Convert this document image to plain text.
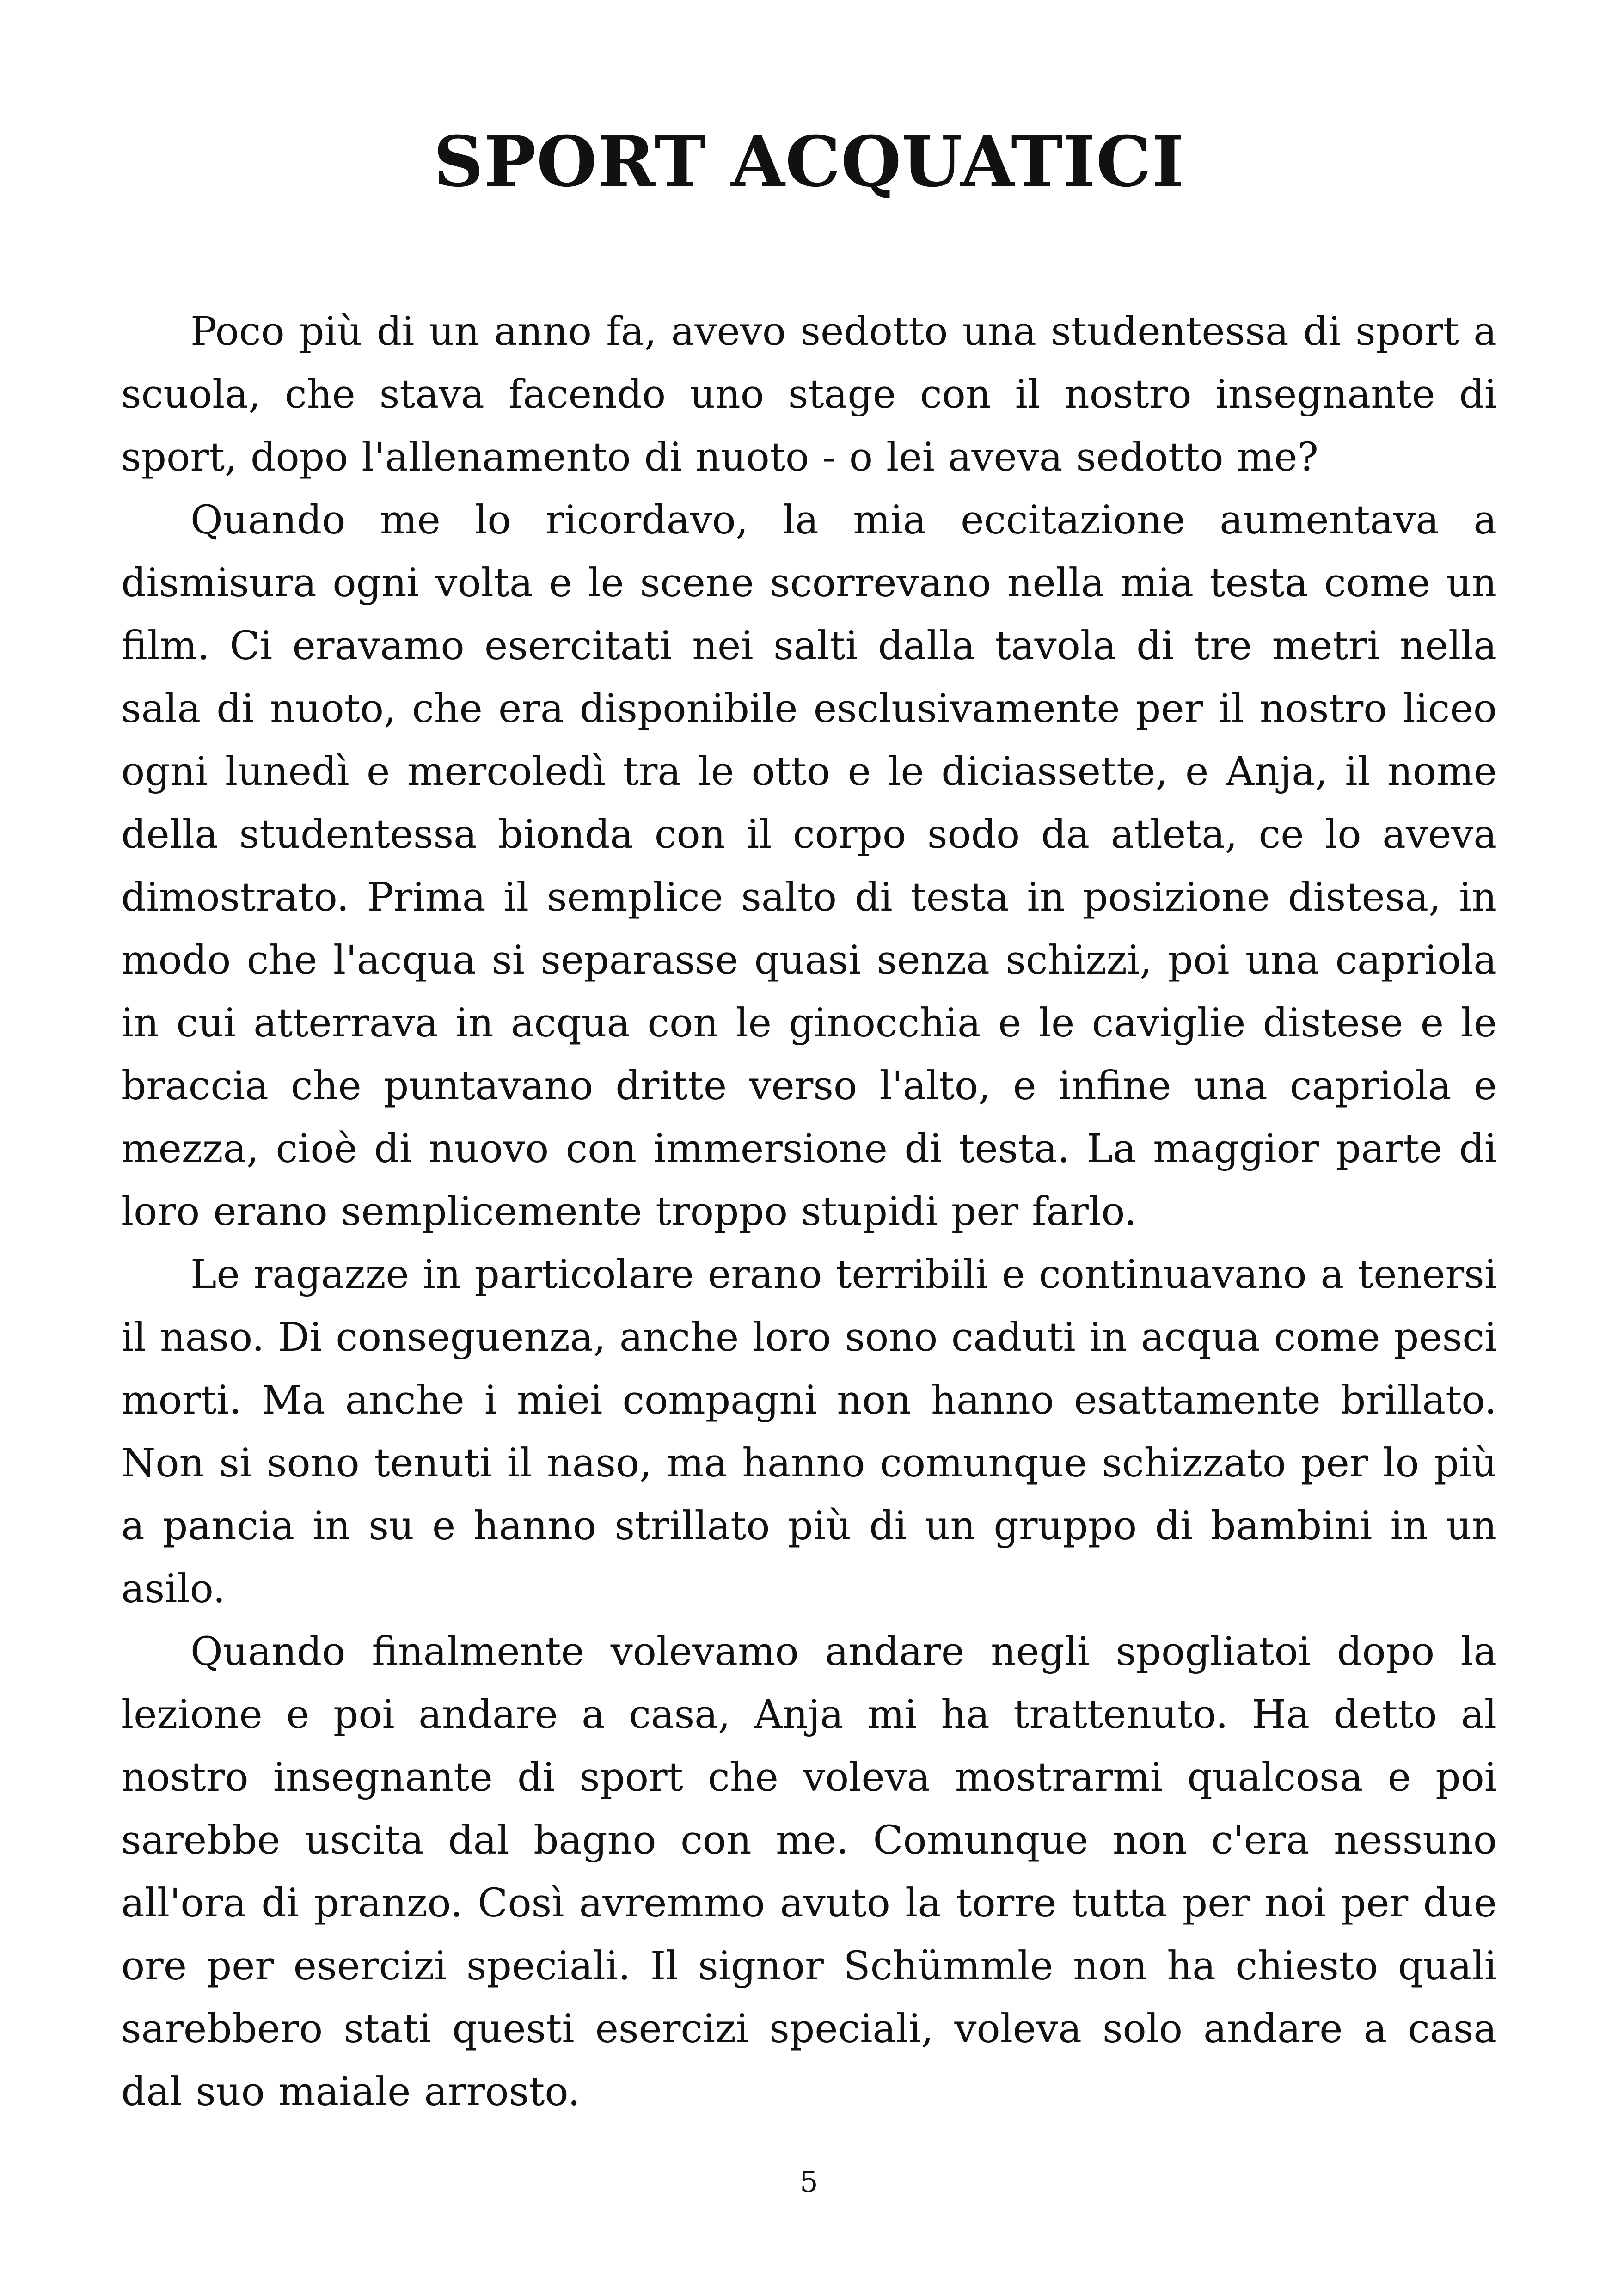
SPORT ACQUATICI

Poco più di un anno fa, avevo sedotto una studentessa di sport a scuola, che stava facendo uno stage con il nostro insegnante di sport, dopo l'allenamento di nuoto - o lei aveva sedotto me?

Quando me lo ricordavo, la mia eccitazione aumentava a dismisura ogni volta e le scene scorrevano nella mia testa come un film. Ci eravamo esercitati nei salti dalla tavola di tre metri nella sala di nuoto, che era disponibile esclusivamente per il nostro liceo ogni lunedì e mercoledì tra le otto e le diciassette, e Anja, il nome della studentessa bionda con il corpo sodo da atleta, ce lo aveva dimostrato. Prima il semplice salto di testa in posizione distesa, in modo che l'acqua si separasse quasi senza schizzi, poi una capriola in cui atterrava in acqua con le ginocchia e le caviglie distese e le braccia che puntavano dritte verso l'alto, e infine una capriola e mezza, cioè di nuovo con immersione di testa. La maggior parte di loro erano semplicemente troppo stupidi per farlo.

Le ragazze in particolare erano terribili e continuavano a tenersi il naso. Di conseguenza, anche loro sono caduti in acqua come pesci morti. Ma anche i miei compagni non hanno esattamente brillato. Non si sono tenuti il naso, ma hanno comunque schizzato per lo più a pancia in su e hanno strillato più di un gruppo di bambini in un asilo.

Quando finalmente volevamo andare negli spogliatoi dopo la lezione e poi andare a casa, Anja mi ha trattenuto. Ha detto al nostro insegnante di sport che voleva mostrarmi qualcosa e poi sarebbe uscita dal bagno con me. Comunque non c'era nessuno all'ora di pranzo. Così avremmo avuto la torre tutta per noi per due ore per esercizi speciali. Il signor Schümmle non ha chiesto quali sarebbero stati questi esercizi speciali, voleva solo andare a casa dal suo maiale arrosto.

5
